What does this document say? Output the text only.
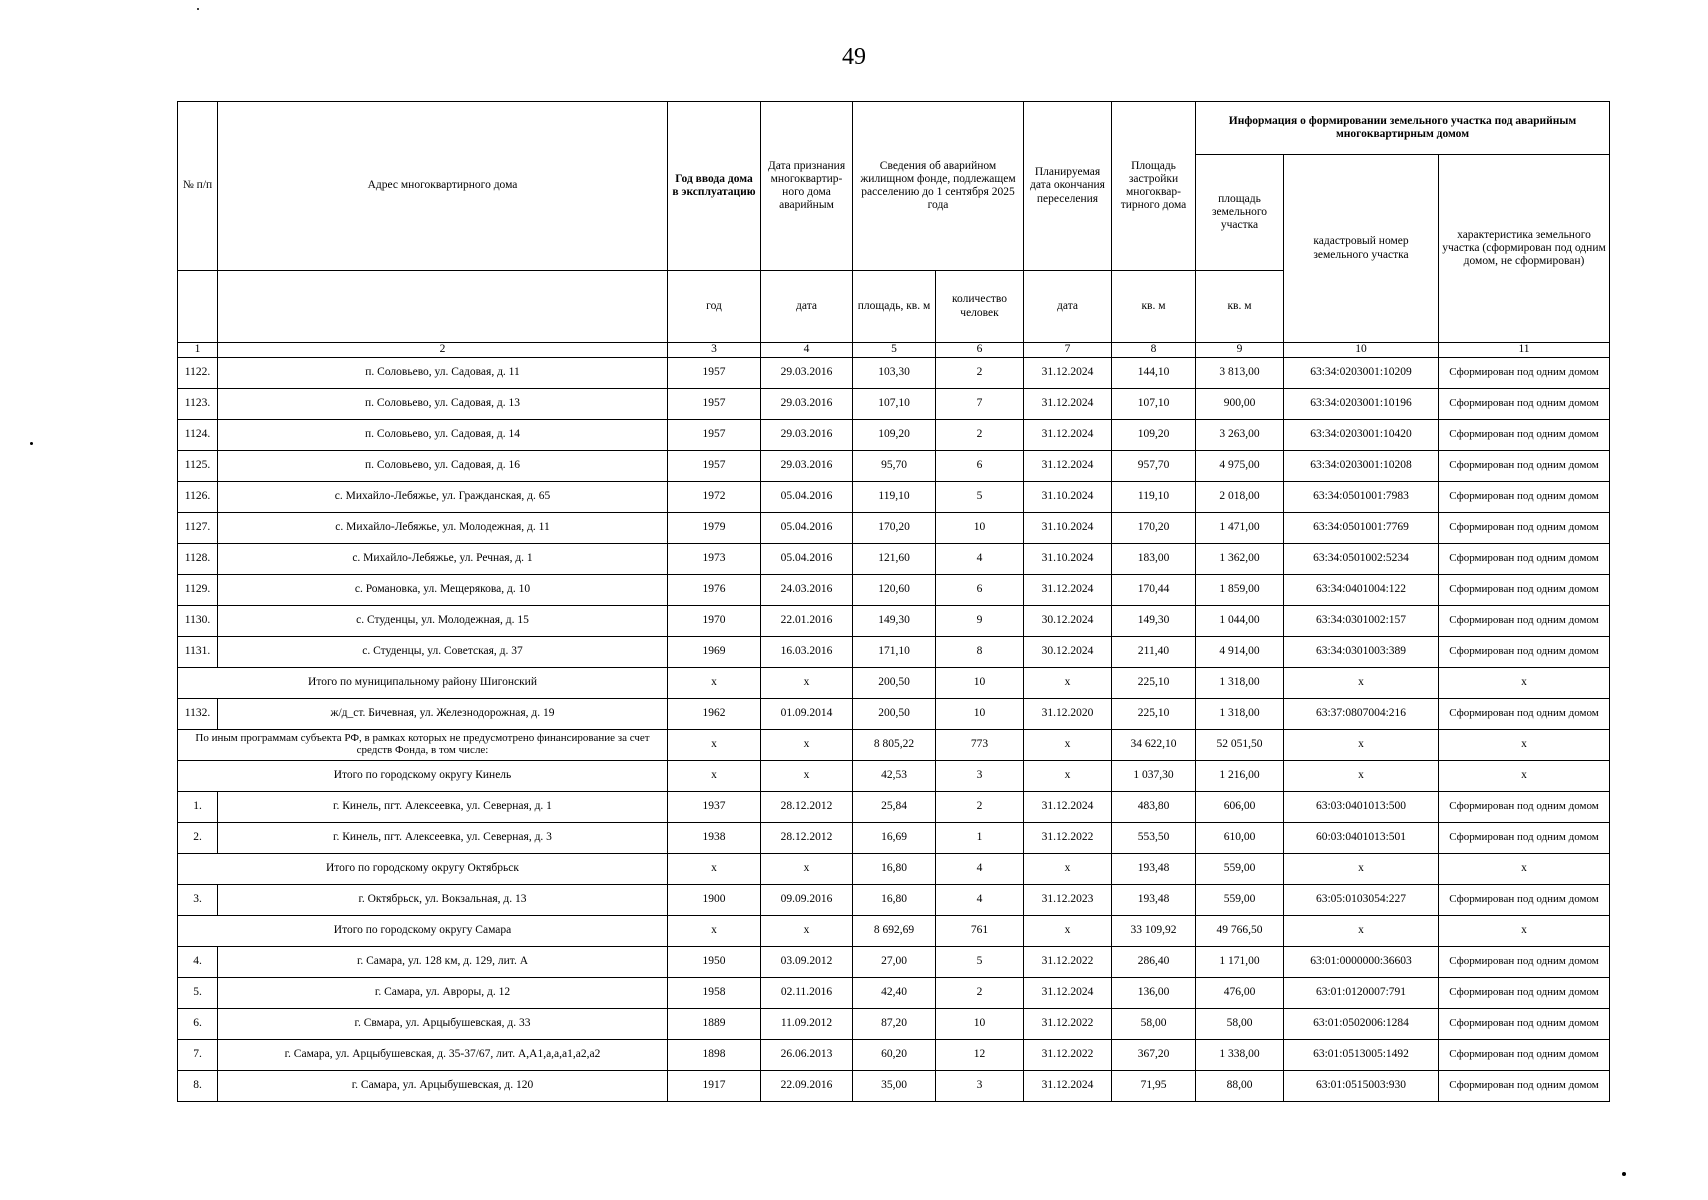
49
№ п/п	Адрес многоквартирного дома	Год ввода дома в эксплуатацию	Дата признания многоквартир-ного дома аварийным	Сведения об аварийном жилищном фонде, подлежащем расселению до 1 сентября 2025 года		Планируемая дата окончания переселения	Площадь застройки многоквар-тирного дома	Информация о формировании земельного участка под аварийным многоквартирным домом		
								площадь земельного участка	кадастровый номер земельного участка	характеристика земельного участка (сформирован под одним домом, не сформирован)
		год	дата	площадь, кв. м	количество человек	дата	кв. м	кв. м		
1	2	3	4	5	6	7	8	9	10	11
1122.	п. Соловьево, ул. Садовая, д. 11	1957	29.03.2016	103,30	2	31.12.2024	144,10	3 813,00	63:34:0203001:10209	Сформирован под одним домом
1123.	п. Соловьево, ул. Садовая, д. 13	1957	29.03.2016	107,10	7	31.12.2024	107,10	900,00	63:34:0203001:10196	Сформирован под одним домом
1124.	п. Соловьево, ул. Садовая, д. 14	1957	29.03.2016	109,20	2	31.12.2024	109,20	3 263,00	63:34:0203001:10420	Сформирован под одним домом
1125.	п. Соловьево, ул. Садовая, д. 16	1957	29.03.2016	95,70	6	31.12.2024	957,70	4 975,00	63:34:0203001:10208	Сформирован под одним домом
1126.	с. Михайло-Лебяжье, ул. Гражданская, д. 65	1972	05.04.2016	119,10	5	31.10.2024	119,10	2 018,00	63:34:0501001:7983	Сформирован под одним домом
1127.	с. Михайло-Лебяжье, ул. Молодежная, д. 11	1979	05.04.2016	170,20	10	31.10.2024	170,20	1 471,00	63:34:0501001:7769	Сформирован под одним домом
1128.	с. Михайло-Лебяжье, ул. Речная, д. 1	1973	05.04.2016	121,60	4	31.10.2024	183,00	1 362,00	63:34:0501002:5234	Сформирован под одним домом
1129.	с. Романовка, ул. Мещерякова, д. 10	1976	24.03.2016	120,60	6	31.12.2024	170,44	1 859,00	63:34:0401004:122	Сформирован под одним домом
1130.	с. Студенцы, ул. Молодежная, д. 15	1970	22.01.2016	149,30	9	30.12.2024	149,30	1 044,00	63:34:0301002:157	Сформирован под одним домом
1131.	с. Студенцы, ул. Советская, д. 37	1969	16.03.2016	171,10	8	30.12.2024	211,40	4 914,00	63:34:0301003:389	Сформирован под одним домом
Итого по муниципальному району Шигонский		x	x	200,50	10	x	225,10	1 318,00	x	x
1132.	ж/д_ст. Бичевная, ул. Железнодорожная, д. 19	1962	01.09.2014	200,50	10	31.12.2020	225,10	1 318,00	63:37:0807004:216	Сформирован под одним домом
По иным программам субъекта РФ, в рамках которых не предусмотрено финансирование за счет средств Фонда, в том числе:		x	x	8 805,22	773	x	34 622,10	52 051,50	x	x
Итого по городскому округу Кинель		x	x	42,53	3	x	1 037,30	1 216,00	x	x
1.	г. Кинель, пгт. Алексеевка, ул. Северная, д. 1	1937	28.12.2012	25,84	2	31.12.2024	483,80	606,00	63:03:0401013:500	Сформирован под одним домом
2.	г. Кинель, пгт. Алексеевка, ул. Северная, д. 3	1938	28.12.2012	16,69	1	31.12.2022	553,50	610,00	60:03:0401013:501	Сформирован под одним домом
Итого по городскому округу Октябрьск		x	x	16,80	4	x	193,48	559,00	x	x
3.	г. Октябрьск, ул. Вокзальная, д. 13	1900	09.09.2016	16,80	4	31.12.2023	193,48	559,00	63:05:0103054:227	Сформирован под одним домом
Итого по городскому округу Самара		x	x	8 692,69	761	x	33 109,92	49 766,50	x	x
4.	г. Самара, ул. 128 км, д. 129, лит. А	1950	03.09.2012	27,00	5	31.12.2022	286,40	1 171,00	63:01:0000000:36603	Сформирован под одним домом
5.	г. Самара, ул. Авроры, д. 12	1958	02.11.2016	42,40	2	31.12.2024	136,00	476,00	63:01:0120007:791	Сформирован под одним домом
6.	г. Свмара, ул. Арцыбушевская, д. 33	1889	11.09.2012	87,20	10	31.12.2022	58,00	58,00	63:01:0502006:1284	Сформирован под одним домом
7.	г. Самара, ул. Арцыбушевская, д. 35-37/67, лит. А,А1,а,а,а1,а2,а2	1898	26.06.2013	60,20	12	31.12.2022	367,20	1 338,00	63:01:0513005:1492	Сформирован под одним домом
8.	г. Самара, ул. Арцыбушевская, д. 120	1917	22.09.2016	35,00	3	31.12.2024	71,95	88,00	63:01:0515003:930	Сформирован под одним домом
